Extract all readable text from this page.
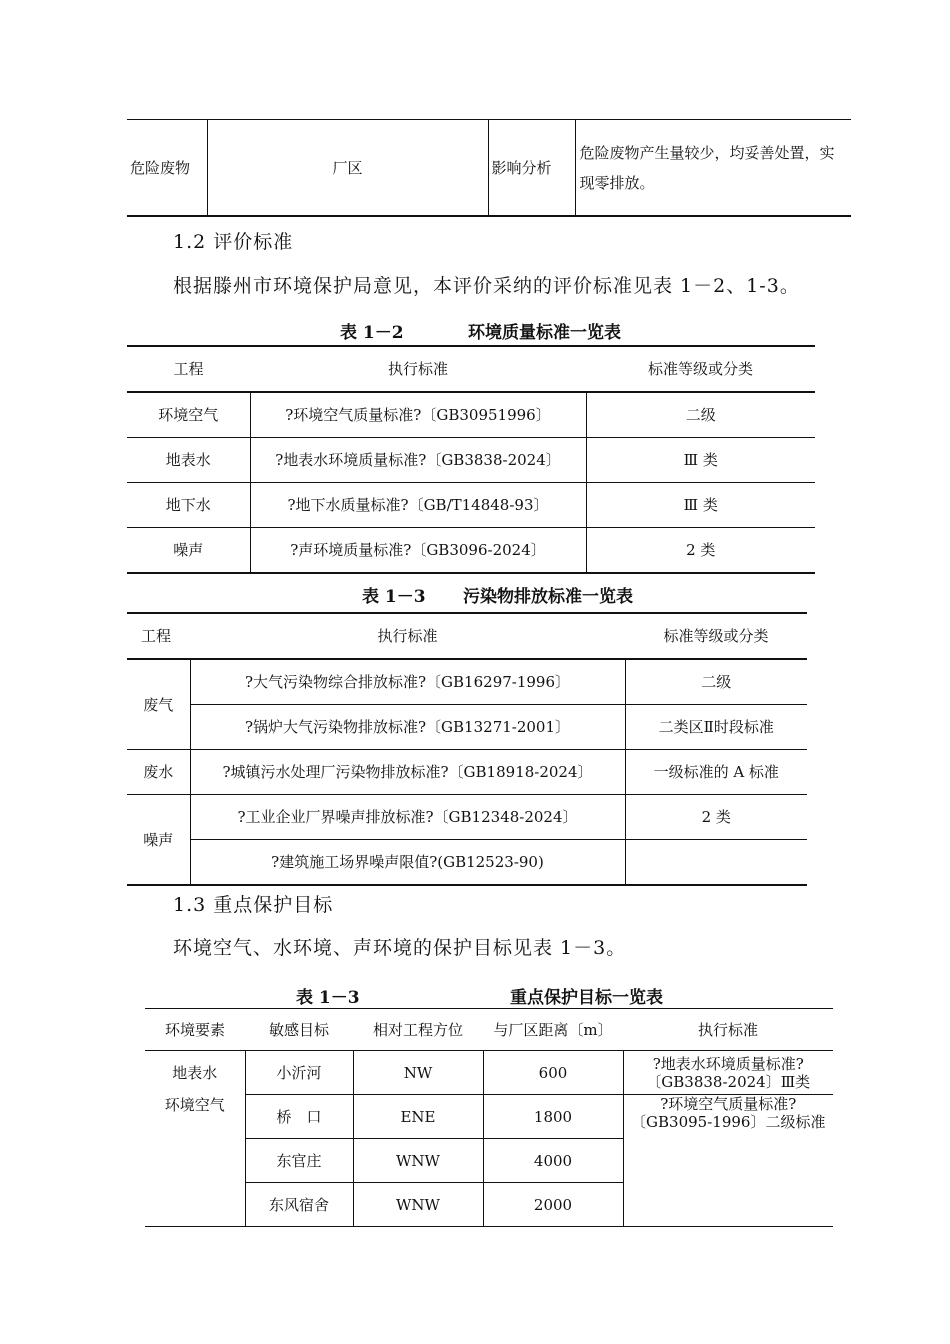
危险废物	厂区	影响分析	危险废物产生量较少，均妥善处置，实现零排放。
1.2 评价标准
根据滕州市环境保护局意见，本评价采纳的评价标准见表 1－2、1-3。
表 1－2	环境质量标准一览表
工程	执行标准	标准等级或分类
环境空气	?环境空气质量标准?〔GB30951996〕	二级
地表水	?地表水环境质量标准?〔GB3838-2024〕	Ⅲ 类
地下水	?地下水质量标准?〔GB/T14848-93〕	Ⅲ 类
噪声	?声环境质量标准?〔GB3096-2024〕	2 类
表 1－3 污染物排放标准一览表
工程	执行标准	标准等级或分类
废气	?大气污染物综合排放标准?〔GB16297-1996〕	二级
	?锅炉大气污染物排放标准?〔GB13271-2001〕	二类区Ⅱ时段标准
废水	?城镇污水处理厂污染物排放标准?〔GB18918-2024〕	一级标准的 A 标准
噪声	?工业企业厂界噪声排放标准?〔GB12348-2024〕	2 类
	?建筑施工场界噪声限值?(GB12523-90)	
1.3 重点保护目标
环境空气、水环境、声环境的保护目标见表 1－3。
表 1－3	重点保护目标一览表
环境要素	敏感目标	相对工程方位	与厂区距离〔m〕	执行标准
地表水	小沂河	NW	600	?地表水环境质量标准?〔GB3838-2024〕Ⅲ类
环境空气	桥　口	ENE	1800	?环境空气质量标准?〔GB3095-1996〕二级标准
	东官庄	WNW	4000	
	东风宿舍	WNW	2000	
